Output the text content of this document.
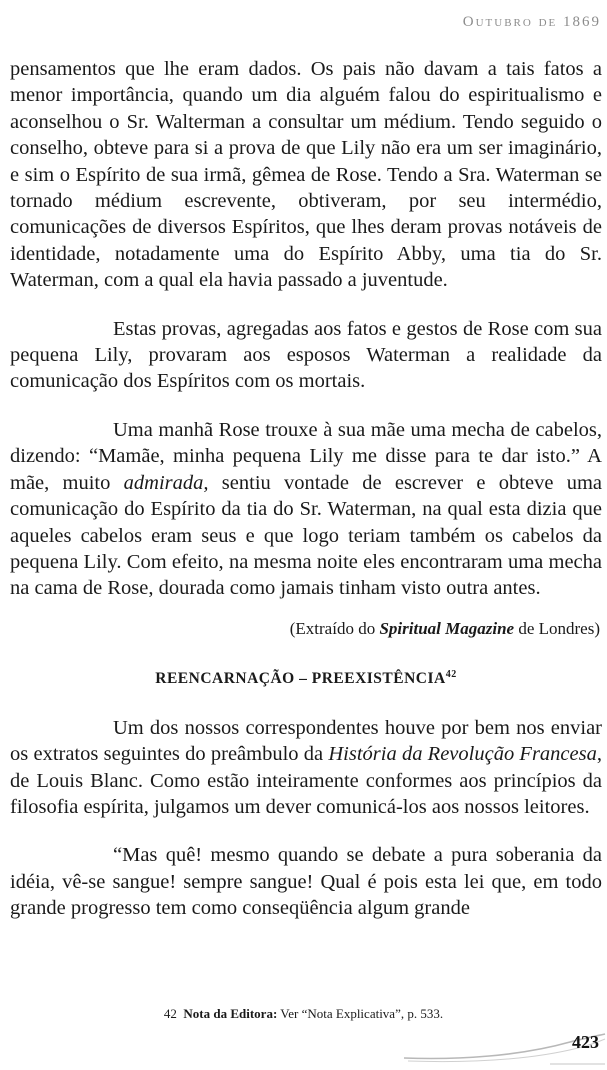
Outubro de 1869

pensamentos que lhe eram dados. Os pais não davam a tais fatos a menor importância, quando um dia alguém falou do espiritualismo e aconselhou o Sr. Walterman a consultar um médium. Tendo seguido o conselho, obteve para si a prova de que Lily não era um ser imaginário, e sim o Espírito de sua irmã, gêmea de Rose. Tendo a Sra. Waterman se tornado médium escrevente, obtiveram, por seu intermédio, comunicações de diversos Espíritos, que lhes deram provas notáveis de identidade, notadamente uma do Espírito Abby, uma tia do Sr. Waterman, com a qual ela havia passado a juventude.

Estas provas, agregadas aos fatos e gestos de Rose com sua pequena Lily, provaram aos esposos Waterman a realidade da comunicação dos Espíritos com os mortais.

Uma manhã Rose trouxe à sua mãe uma mecha de cabelos, dizendo: “Mamãe, minha pequena Lily me disse para te dar isto.” A mãe, muito admirada, sentiu vontade de escrever e obteve uma comunicação do Espírito da tia do Sr. Waterman, na qual esta dizia que aqueles cabelos eram seus e que logo teriam também os cabelos da pequena Lily. Com efeito, na mesma noite eles encontraram uma mecha na cama de Rose, dourada como jamais tinham visto outra antes.

(Extraído do Spiritual Magazine de Londres)

REENCARNAÇÃO – PREEXISTÊNCIA$^{42}$

Um dos nossos correspondentes houve por bem nos enviar os extratos seguintes do preâmbulo da História da Revolução Francesa, de Louis Blanc. Como estão inteiramente conformes aos princípios da filosofia espírita, julgamos um dever comunicá-los aos nossos leitores.

“Mas quê! mesmo quando se debate a pura soberania da idéia, vê-se sangue! sempre sangue! Qual é pois esta lei que, em todo grande progresso tem como conseqüência algum grande

42 Nota da Editora: Ver “Nota Explicativa”, p. 533.
423
